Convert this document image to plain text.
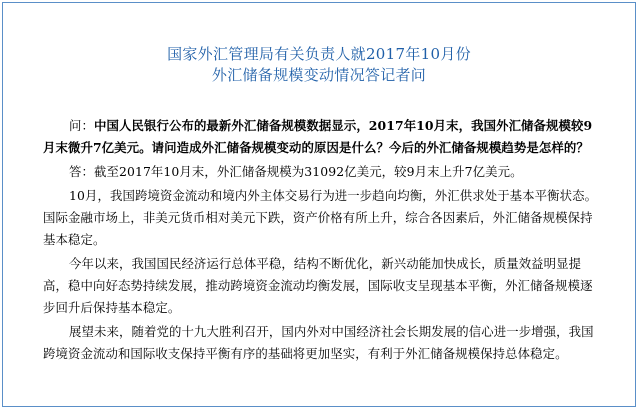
国家外汇管理局有关负责人就2017年10月份
外汇储备规模变动情况答记者问

问：中国人民银行公布的最新外汇储备规模数据显示，2017年10月末，我国外汇储备规模较9月末微升7亿美元。请问造成外汇储备规模变动的原因是什么？今后的外汇储备规模趋势是怎样的？

答：截至2017年10月末，外汇储备规模为31092亿美元，较9月末上升7亿美元。

10月，我国跨境资金流动和境内外主体交易行为进一步趋向均衡，外汇供求处于基本平衡状态。国际金融市场上，非美元货币相对美元下跌，资产价格有所上升，综合各因素后，外汇储备规模保持基本稳定。

今年以来，我国国民经济运行总体平稳，结构不断优化，新兴动能加快成长，质量效益明显提高，稳中向好态势持续发展，推动跨境资金流动均衡发展，国际收支呈现基本平衡，外汇储备规模逐步回升后保持基本稳定。

展望未来，随着党的十九大胜利召开，国内外对中国经济社会长期发展的信心进一步增强，我国跨境资金流动和国际收支保持平衡有序的基础将更加坚实，有利于外汇储备规模保持总体稳定。
